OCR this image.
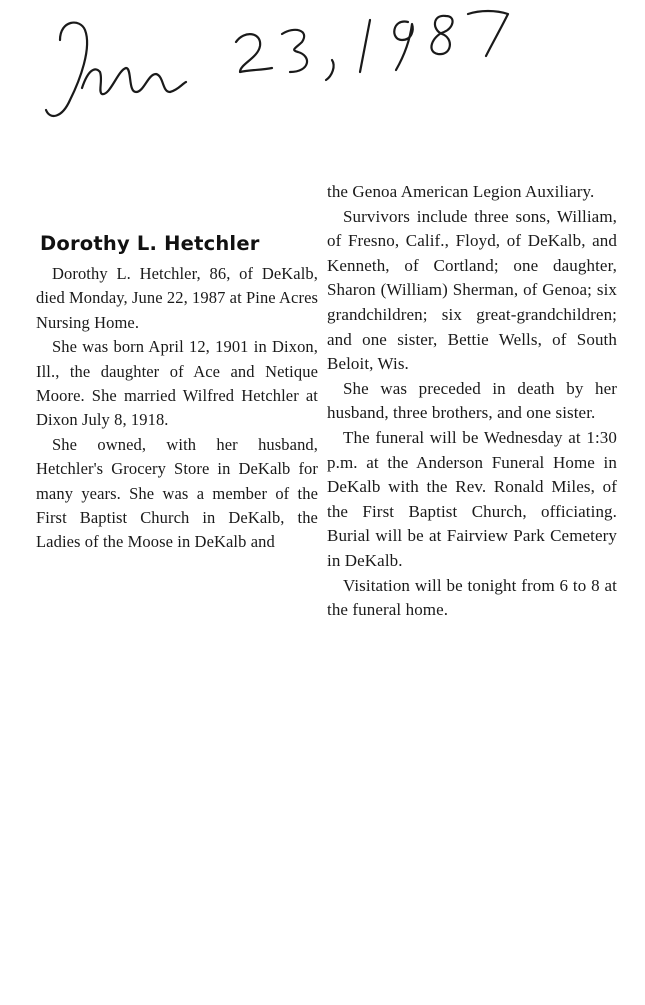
Dorothy L. Hetchler

Dorothy L. Hetchler, 86, of DeKalb, died Monday, June 22, 1987 at Pine Acres Nursing Home.

She was born April 12, 1901 in Dixon, Ill., the daughter of Ace and Netique Moore. She married Wilfred Hetchler at Dixon July 8, 1918.

She owned, with her husband, Hetchler's Grocery Store in DeKalb for many years. She was a member of the First Baptist Church in DeKalb, the Ladies of the Moose in DeKalb and

the Genoa American Legion Auxiliary.

Survivors include three sons, William, of Fresno, Calif., Floyd, of DeKalb, and Kenneth, of Cortland; one daughter, Sharon (William) Sherman, of Genoa; six grandchildren; six great-grandchildren; and one sister, Bettie Wells, of South Beloit, Wis.

She was preceded in death by her husband, three brothers, and one sister.

The funeral will be Wednesday at 1:30 p.m. at the Anderson Funeral Home in DeKalb with the Rev. Ronald Miles, of the First Baptist Church, officiating. Burial will be at Fairview Park Cemetery in DeKalb.

Visitation will be tonight from 6 to 8 at the funeral home.
